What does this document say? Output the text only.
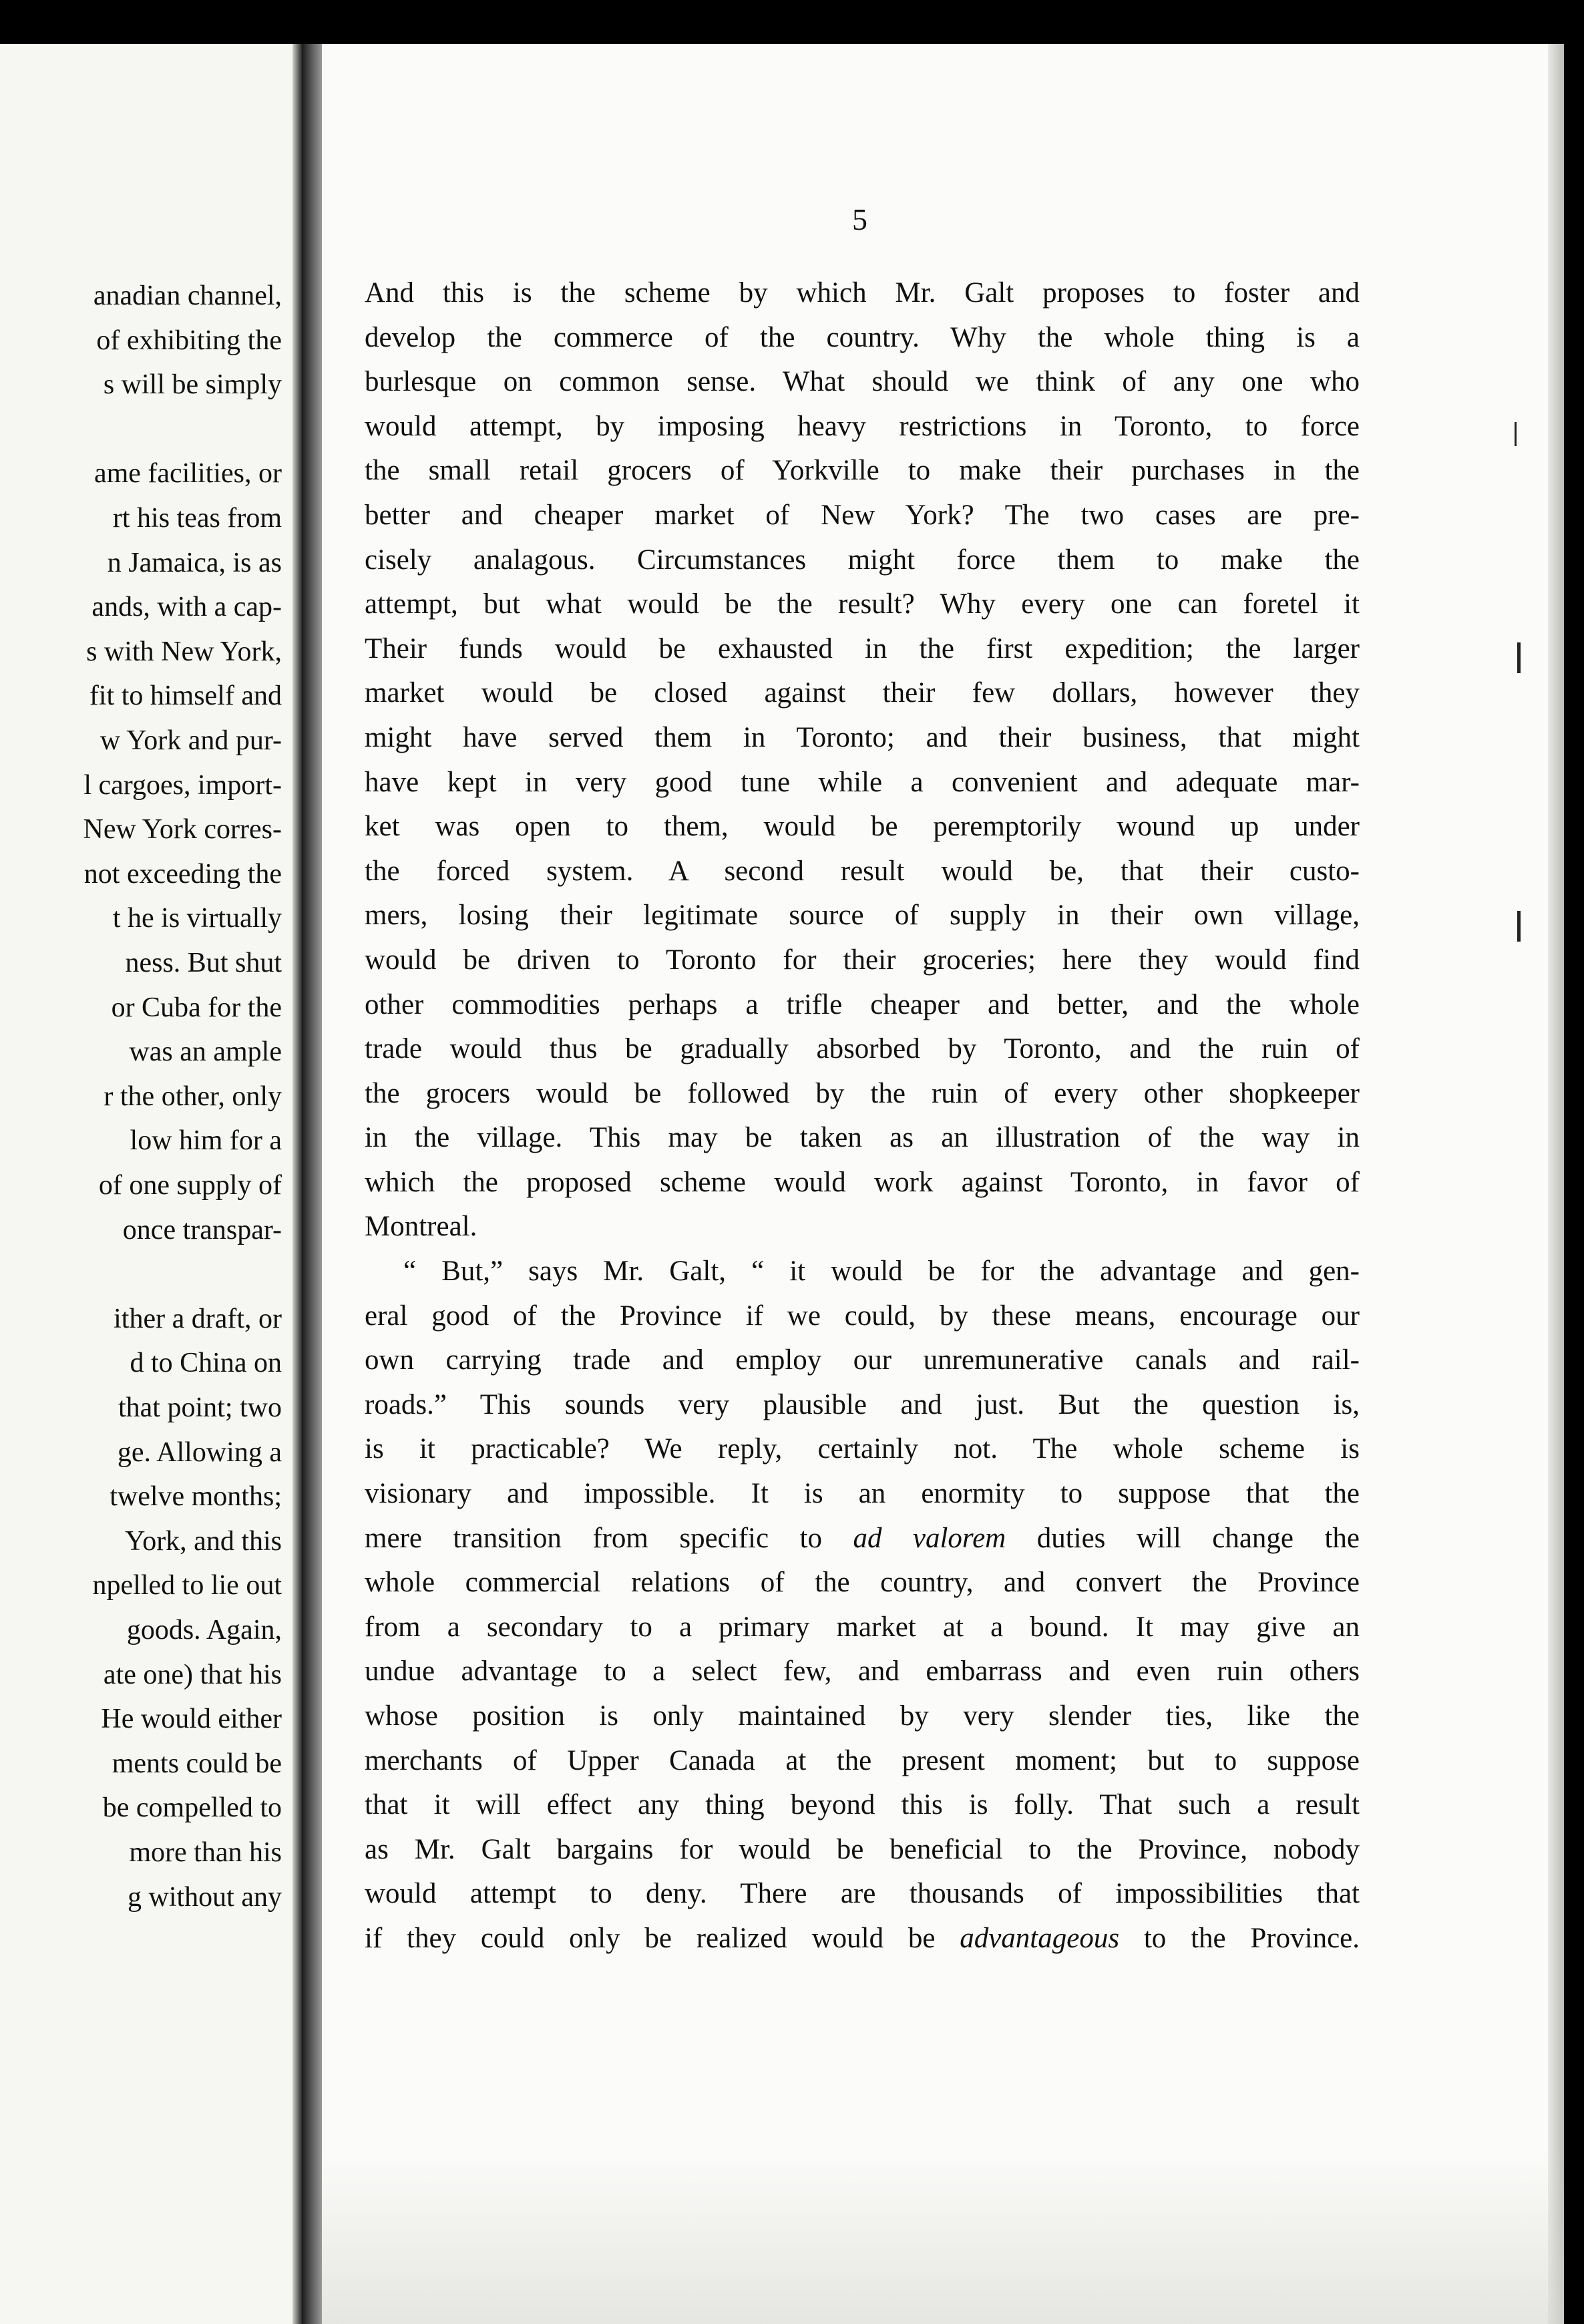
anadian channel,
of exhibiting the
s will be simply
ame facilities, or
rt his teas from
n Jamaica, is as
ands, with a cap-
s with New York,
fit to himself and
w York and pur-
l cargoes, import-
New York corres-
not exceeding the
t he is virtually
ness. But shut
or Cuba for the
was an ample
r the other, only
low him for a
of one supply of
once transpar-
ither a draft, or
d to China on
that point; two
ge. Allowing a
twelve months;
York, and this
npelled to lie out
goods. Again,
ate one) that his
He would either
ments could be
be compelled to
more than his
g without any
5
And this is the scheme by which Mr. Galt proposes to foster and
develop the commerce of the country. Why the whole thing is a
burlesque on common sense. What should we think of any one who
would attempt, by imposing heavy restrictions in Toronto, to force
the small retail grocers of Yorkville to make their purchases in the
better and cheaper market of New York? The two cases are pre-
cisely analagous. Circumstances might force them to make the
attempt, but what would be the result? Why every one can foretel it
Their funds would be exhausted in the first expedition; the larger
market would be closed against their few dollars, however they
might have served them in Toronto; and their business, that might
have kept in very good tune while a convenient and adequate mar-
ket was open to them, would be peremptorily wound up under
the forced system. A second result would be, that their custo-
mers, losing their legitimate source of supply in their own village,
would be driven to Toronto for their groceries; here they would find
other commodities perhaps a trifle cheaper and better, and the whole
trade would thus be gradually absorbed by Toronto, and the ruin of
the grocers would be followed by the ruin of every other shopkeeper
in the village. This may be taken as an illustration of the way in
which the proposed scheme would work against Toronto, in favor of
Montreal.
“ But,” says Mr. Galt, “ it would be for the advantage and gen-
eral good of the Province if we could, by these means, encourage our
own carrying trade and employ our unremunerative canals and rail-
roads.” This sounds very plausible and just. But the question is,
is it practicable? We reply, certainly not. The whole scheme is
visionary and impossible. It is an enormity to suppose that the
mere transition from specific to ad valorem duties will change the
whole commercial relations of the country, and convert the Province
from a secondary to a primary market at a bound. It may give an
undue advantage to a select few, and embarrass and even ruin others
whose position is only maintained by very slender ties, like the
merchants of Upper Canada at the present moment; but to suppose
that it will effect any thing beyond this is folly. That such a result
as Mr. Galt bargains for would be beneficial to the Province, nobody
would attempt to deny. There are thousands of impossibilities that
if they could only be realized would be advantageous to the Province.
